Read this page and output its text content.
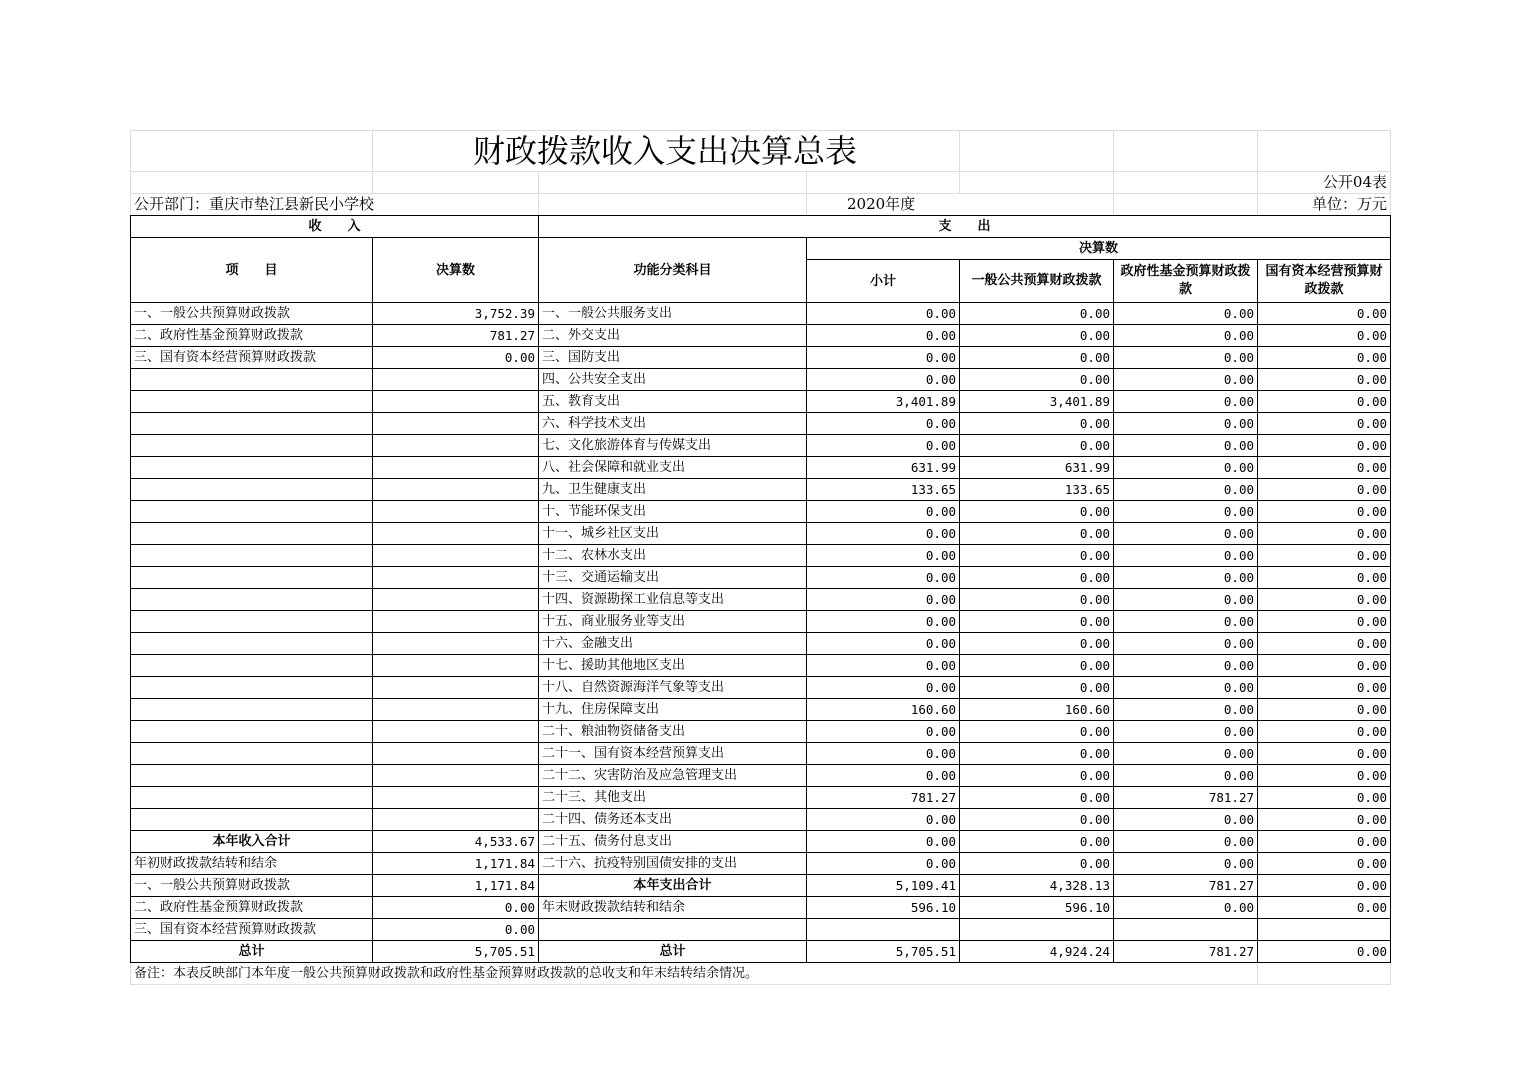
	财政拨款收入支出决算总表					
						公开04表
公开部门：重庆市垫江县新民小学校			2020年度			单位：万元
收　　入		支　　出				
项　　目	决算数	功能分类科目	决算数			
			小计	一般公共预算财政拨款	政府性基金预算财政拨款	国有资本经营预算财政拨款

一、一般公共预算财政拨款	3,752.39	一、一般公共服务支出	0.00	0.00	0.00	0.00
二、政府性基金预算财政拨款	781.27	二、外交支出	0.00	0.00	0.00	0.00
三、国有资本经营预算财政拨款	0.00	三、国防支出	0.00	0.00	0.00	0.00
		四、公共安全支出	0.00	0.00	0.00	0.00
		五、教育支出	3,401.89	3,401.89	0.00	0.00
		六、科学技术支出	0.00	0.00	0.00	0.00
		七、文化旅游体育与传媒支出	0.00	0.00	0.00	0.00
		八、社会保障和就业支出	631.99	631.99	0.00	0.00
		九、卫生健康支出	133.65	133.65	0.00	0.00
		十、节能环保支出	0.00	0.00	0.00	0.00
		十一、城乡社区支出	0.00	0.00	0.00	0.00
		十二、农林水支出	0.00	0.00	0.00	0.00
		十三、交通运输支出	0.00	0.00	0.00	0.00
		十四、资源勘探工业信息等支出	0.00	0.00	0.00	0.00
		十五、商业服务业等支出	0.00	0.00	0.00	0.00
		十六、金融支出	0.00	0.00	0.00	0.00
		十七、援助其他地区支出	0.00	0.00	0.00	0.00
		十八、自然资源海洋气象等支出	0.00	0.00	0.00	0.00
		十九、住房保障支出	160.60	160.60	0.00	0.00
		二十、粮油物资储备支出	0.00	0.00	0.00	0.00
		二十一、国有资本经营预算支出	0.00	0.00	0.00	0.00
		二十二、灾害防治及应急管理支出	0.00	0.00	0.00	0.00
		二十三、其他支出	781.27	0.00	781.27	0.00
		二十四、债务还本支出	0.00	0.00	0.00	0.00
本年收入合计	4,533.67	二十五、债务付息支出	0.00	0.00	0.00	0.00
年初财政拨款结转和结余	1,171.84	二十六、抗疫特别国债安排的支出	0.00	0.00	0.00	0.00
一、一般公共预算财政拨款	1,171.84	本年支出合计	5,109.41	4,328.13	781.27	0.00
二、政府性基金预算财政拨款	0.00	年末财政拨款结转和结余	596.10	596.10	0.00	0.00
三、国有资本经营预算财政拨款	0.00					
总计	5,705.51	总计	5,705.51	4,924.24	781.27	0.00
备注：本表反映部门本年度一般公共预算财政拨款和政府性基金预算财政拨款的总收支和年末结转结余情况。						
